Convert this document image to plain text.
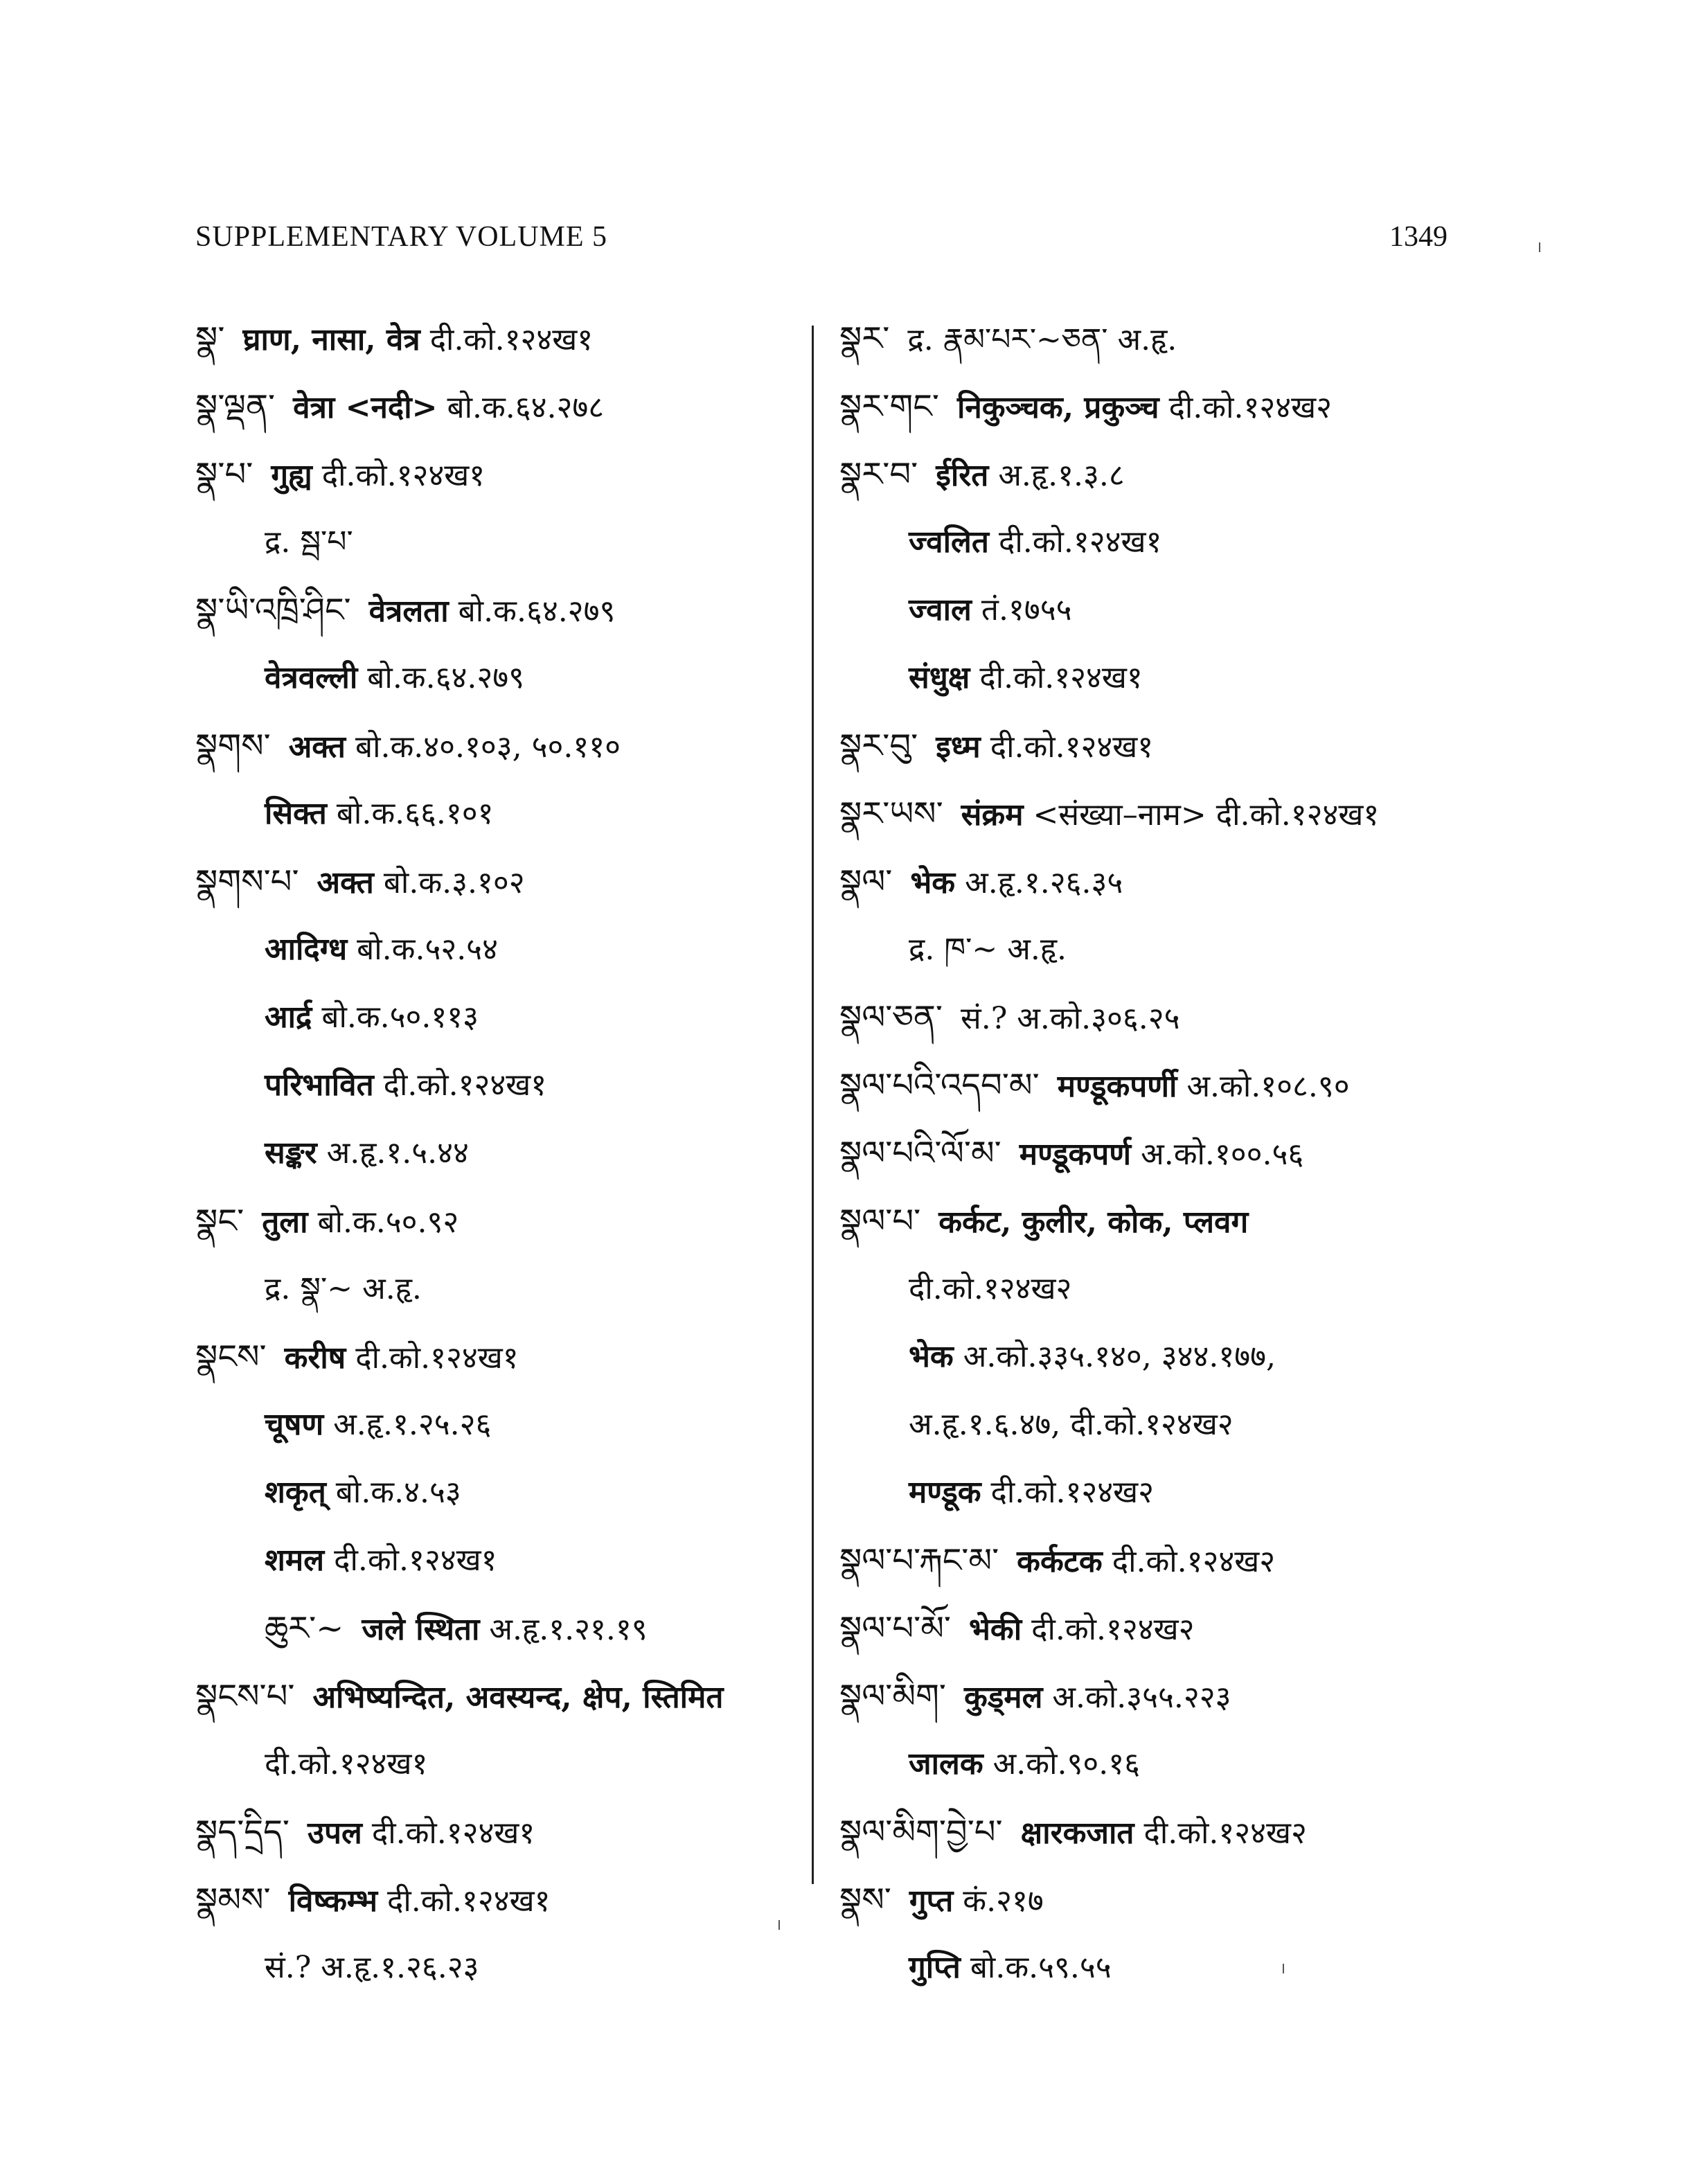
SUPPLEMENTARY VOLUME 5	1349
སྣ་ घ्राण, नासा, वेत्र दी.को.१२४ख१
སྣ་ལྡན་ वेत्रा <नदी> बो.क.६४.२७८
སྣ་པ་ गुह्य दी.को.१२४ख१
द्र. སྦ་པ་
སྣ་ཡི་འཁྲི་ཤིང་ वेत्रलता बो.क.६४.२७९
वेत्रवल्ली बो.क.६४.२७९
སྣགས་ अक्त बो.क.४०.१०३, ५०.११०
सिक्त बो.क.६६.१०१
སྣགས་པ་ अक्त बो.क.३.१०२
आदिग्ध बो.क.५२.५४
आर्द्र बो.क.५०.११३
परिभावित दी.को.१२४ख१
सङ्कर अ.हृ.१.५.४४
སྣང་ तुला बो.क.५०.९२
द्र. སྣ་~ अ.हृ.
སྣངས་ करीष दी.को.१२४ख१
चूषण अ.हृ.१.२५.२६
शकृत् बो.क.४.५३
शमल दी.को.१२४ख१
ཆུར་~ जले स्थिता अ.हृ.१.२१.१९
སྣངས་པ་ अभिष्यन्दित, अवस्यन्द, क्षेप, स्तिमित
दी.को.१२४ख१
སྣད་དྲིད་ उपल दी.को.१२४ख१
སྣམས་ विष्कम्भ दी.को.१२४ख१
सं.? अ.हृ.१.२६.२३
སྣར་ द्र. རྣམ་པར་~ཅན་ अ.हृ.
སྣར་གང་ निकुञ्चक, प्रकुञ्च दी.को.१२४ख२
སྣར་བ་ ईरित अ.हृ.१.३.८
ज्वलित दी.को.१२४ख१
ज्वाल तं.१७५५
संधुक्ष दी.को.१२४ख१
སྣར་བུ་ इध्म दी.को.१२४ख१
སྣར་ཡས་ संक्रम <संख्या–नाम> दी.को.१२४ख१
སྣལ་ भेक अ.हृ.१.२६.३५
द्र. ཁ་~ अ.हृ.
སྣལ་ཅན་ सं.? अ.को.३०६.२५
སྣལ་པའི་འདབ་མ་ मण्डूकपर्णी अ.को.१०८.९०
སྣལ་པའི་ལོ་མ་ मण्डूकपर्ण अ.को.१००.५६
སྣལ་པ་ कर्कट, कुलीर, कोक, प्लवग
दी.को.१२४ख२
भेक अ.को.३३५.१४०, ३४४.१७७,
अ.हृ.१.६.४७, दी.को.१२४ख२
मण्डूक दी.को.१२४ख२
སྣལ་པ་རྐང་མ་ कर्कटक दी.को.१२४ख२
སྣལ་པ་མོ་ भेकी दी.को.१२४ख२
སྣལ་མིག་ कुड्मल अ.को.३५५.२२३
जालक अ.को.९०.१६
སྣལ་མིག་བྱེ་པ་ क्षारकजात दी.को.१२४ख२
སྣས་ गुप्त कं.२१७
गुप्ति बो.क.५९.५५
